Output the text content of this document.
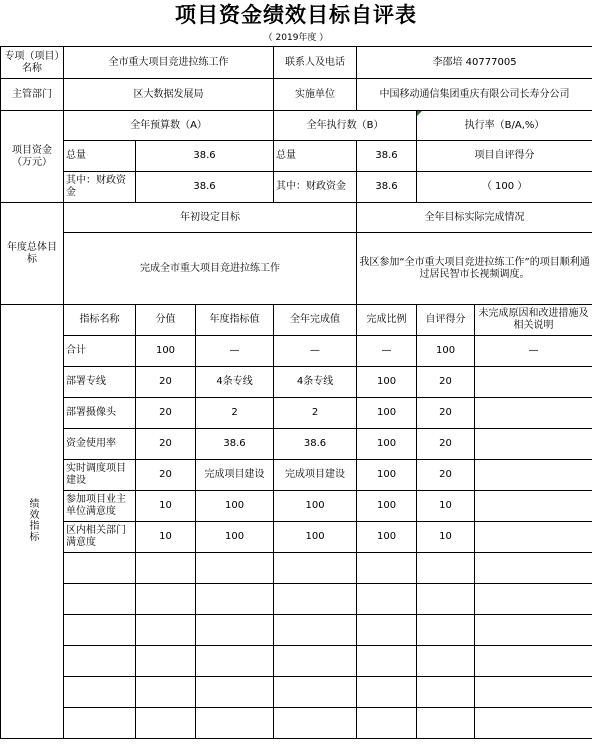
项目资金绩效目标自评表
（ 2019年度 ）
专项（项目）名称	全市重大项目竞进拉练工作			联系人及电话	李邵培 40777005		
主管部门	区大数据发展局			实施单位	中国移动通信集团重庆有限公司长寿分公司		
项目资金（万元）	全年预算数（A）			全年执行数（B）		执行率（B/A,%）	
	总量	38.6		总量	38.6	项目自评得分	
	其中：财政资金	38.6		其中：财政资金	38.6	（ 100 ）	
年度总体目标	年初设定目标				全年目标实际完成情况		
	完成全市重大项目竞进拉练工作				我区参加“全市重大项目竞进拉练工作”的项目顺利通过居民智市长视频调度。		
绩效指标	指标名称	分值	年度指标值	全年完成值	完成比例	自评得分	未完成原因和改进措施及相关说明
	合计	100	—	—	—	100	—
	部署专线	20	4条专线	4条专线	100	20	
	部署摄像头	20	2	2	100	20	
	资金使用率	20	38.6	38.6	100	20	
	实时调度项目建设	20	完成项目建设	完成项目建设	100	20	
	参加项目业主单位满意度	10	100	100	100	10	
	区内相关部门满意度	10	100	100	100	10	
